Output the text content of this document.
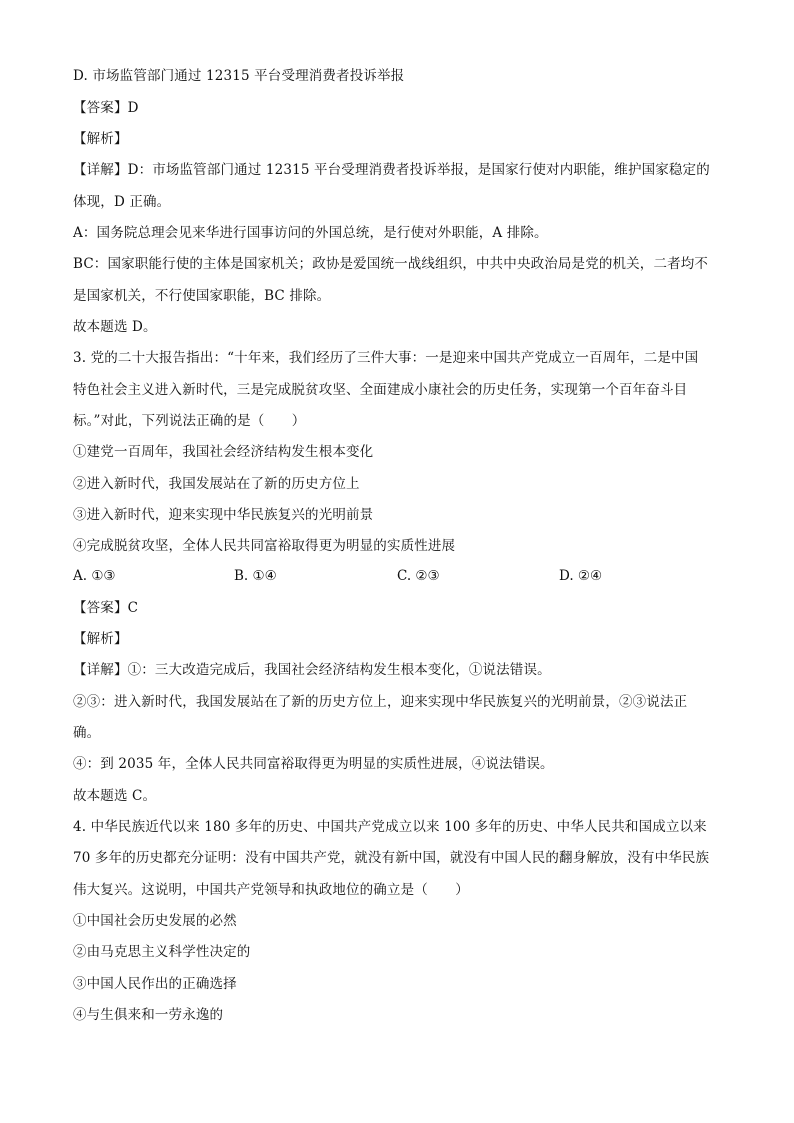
D. 市场监管部门通过 12315 平台受理消费者投诉举报
【答案】D
【解析】
【详解】D：市场监管部门通过 12315 平台受理消费者投诉举报，是国家行使对内职能，维护国家稳定的
体现，D 正确。
A：国务院总理会见来华进行国事访问的外国总统，是行使对外职能，A 排除。
BC：国家职能行使的主体是国家机关；政协是爱国统一战线组织，中共中央政治局是党的机关，二者均不
是国家机关，不行使国家职能，BC 排除。
故本题选 D。
3. 党的二十大报告指出：“十年来，我们经历了三件大事：一是迎来中国共产党成立一百周年，二是中国
特色社会主义进入新时代，三是完成脱贫攻坚、全面建成小康社会的历史任务，实现第一个百年奋斗目
标。”对此，下列说法正确的是（　　）
①建党一百周年，我国社会经济结构发生根本变化
②进入新时代，我国发展站在了新的历史方位上
③进入新时代，迎来实现中华民族复兴的光明前景
④完成脱贫攻坚，全体人民共同富裕取得更为明显的实质性进展
A. ①③	B. ①④	C. ②③	D. ②④
【答案】C
【解析】
【详解】①：三大改造完成后，我国社会经济结构发生根本变化，①说法错误。
②③：进入新时代，我国发展站在了新的历史方位上，迎来实现中华民族复兴的光明前景，②③说法正
确。
④：到 2035 年，全体人民共同富裕取得更为明显的实质性进展，④说法错误。
故本题选 C。
4. 中华民族近代以来 180 多年的历史、中国共产党成立以来 100 多年的历史、中华人民共和国成立以来
70 多年的历史都充分证明：没有中国共产党，就没有新中国，就没有中国人民的翻身解放，没有中华民族
伟大复兴。这说明，中国共产党领导和执政地位的确立是（　　）
①中国社会历史发展的必然
②由马克思主义科学性决定的
③中国人民作出的正确选择
④与生俱来和一劳永逸的
